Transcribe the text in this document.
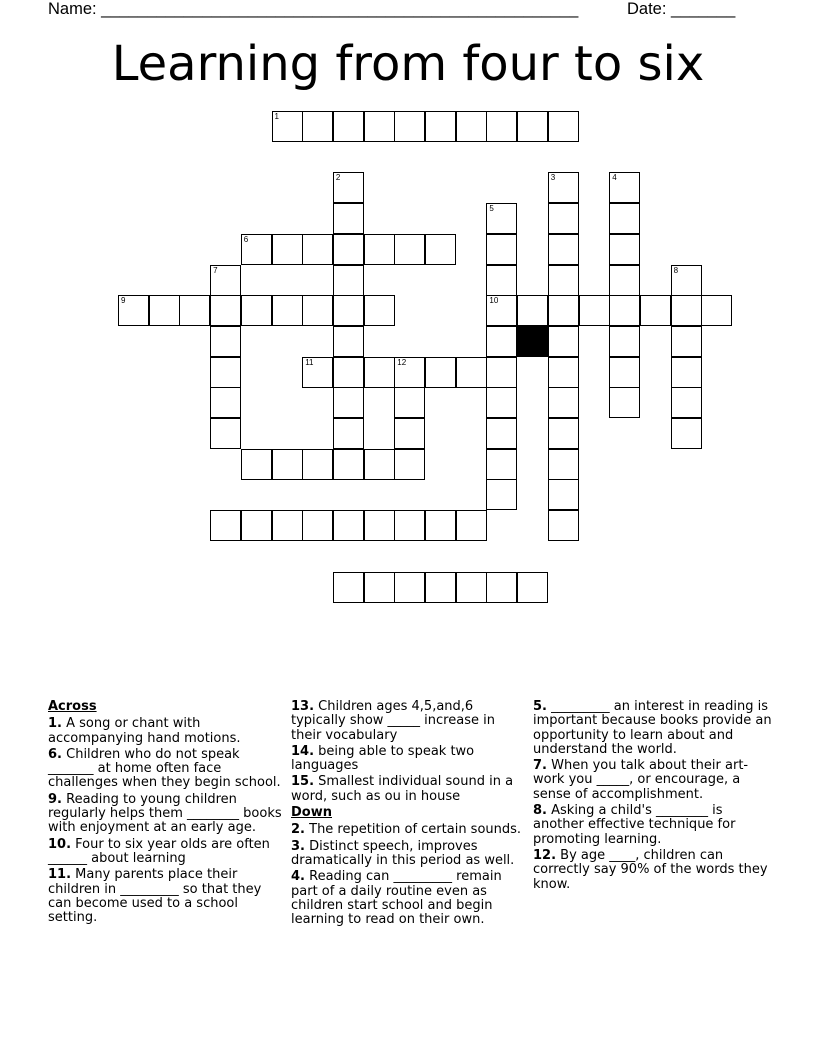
Name: ____________________________________________________	Date: _______
Learning from four to six
1
6
9	10
11	12
2	3	4
5
7	8
Across
1. A song or chant with accompanying hand motions.
6. Children who do not speak _______ at home often face challenges when they begin school.
9. Reading to young children regularly helps them ________ books with enjoyment at an early age.
10. Four to six year olds are often ______ about learning
11. Many parents place their children in _________ so that they can become used to a school setting.
13. Children ages 4,5,and,6 typically show _____ increase in their vocabulary
14. being able to speak two languages
15. Smallest individual sound in a word, such as ou in house
Down
2. The repetition of certain sounds.
3. Distinct speech, improves dramatically in this period as well.
4. Reading can _________ remain part of a daily routine even as children start school and begin learning to read on their own.
5. _________ an interest in reading is important because books provide an opportunity to learn about and understand the world.
7. When you talk about their art-work you _____, or encourage, a sense of accomplishment.
8. Asking a child's ________ is another effective technique for promoting learning.
12. By age ____, children can correctly say 90% of the words they know.
